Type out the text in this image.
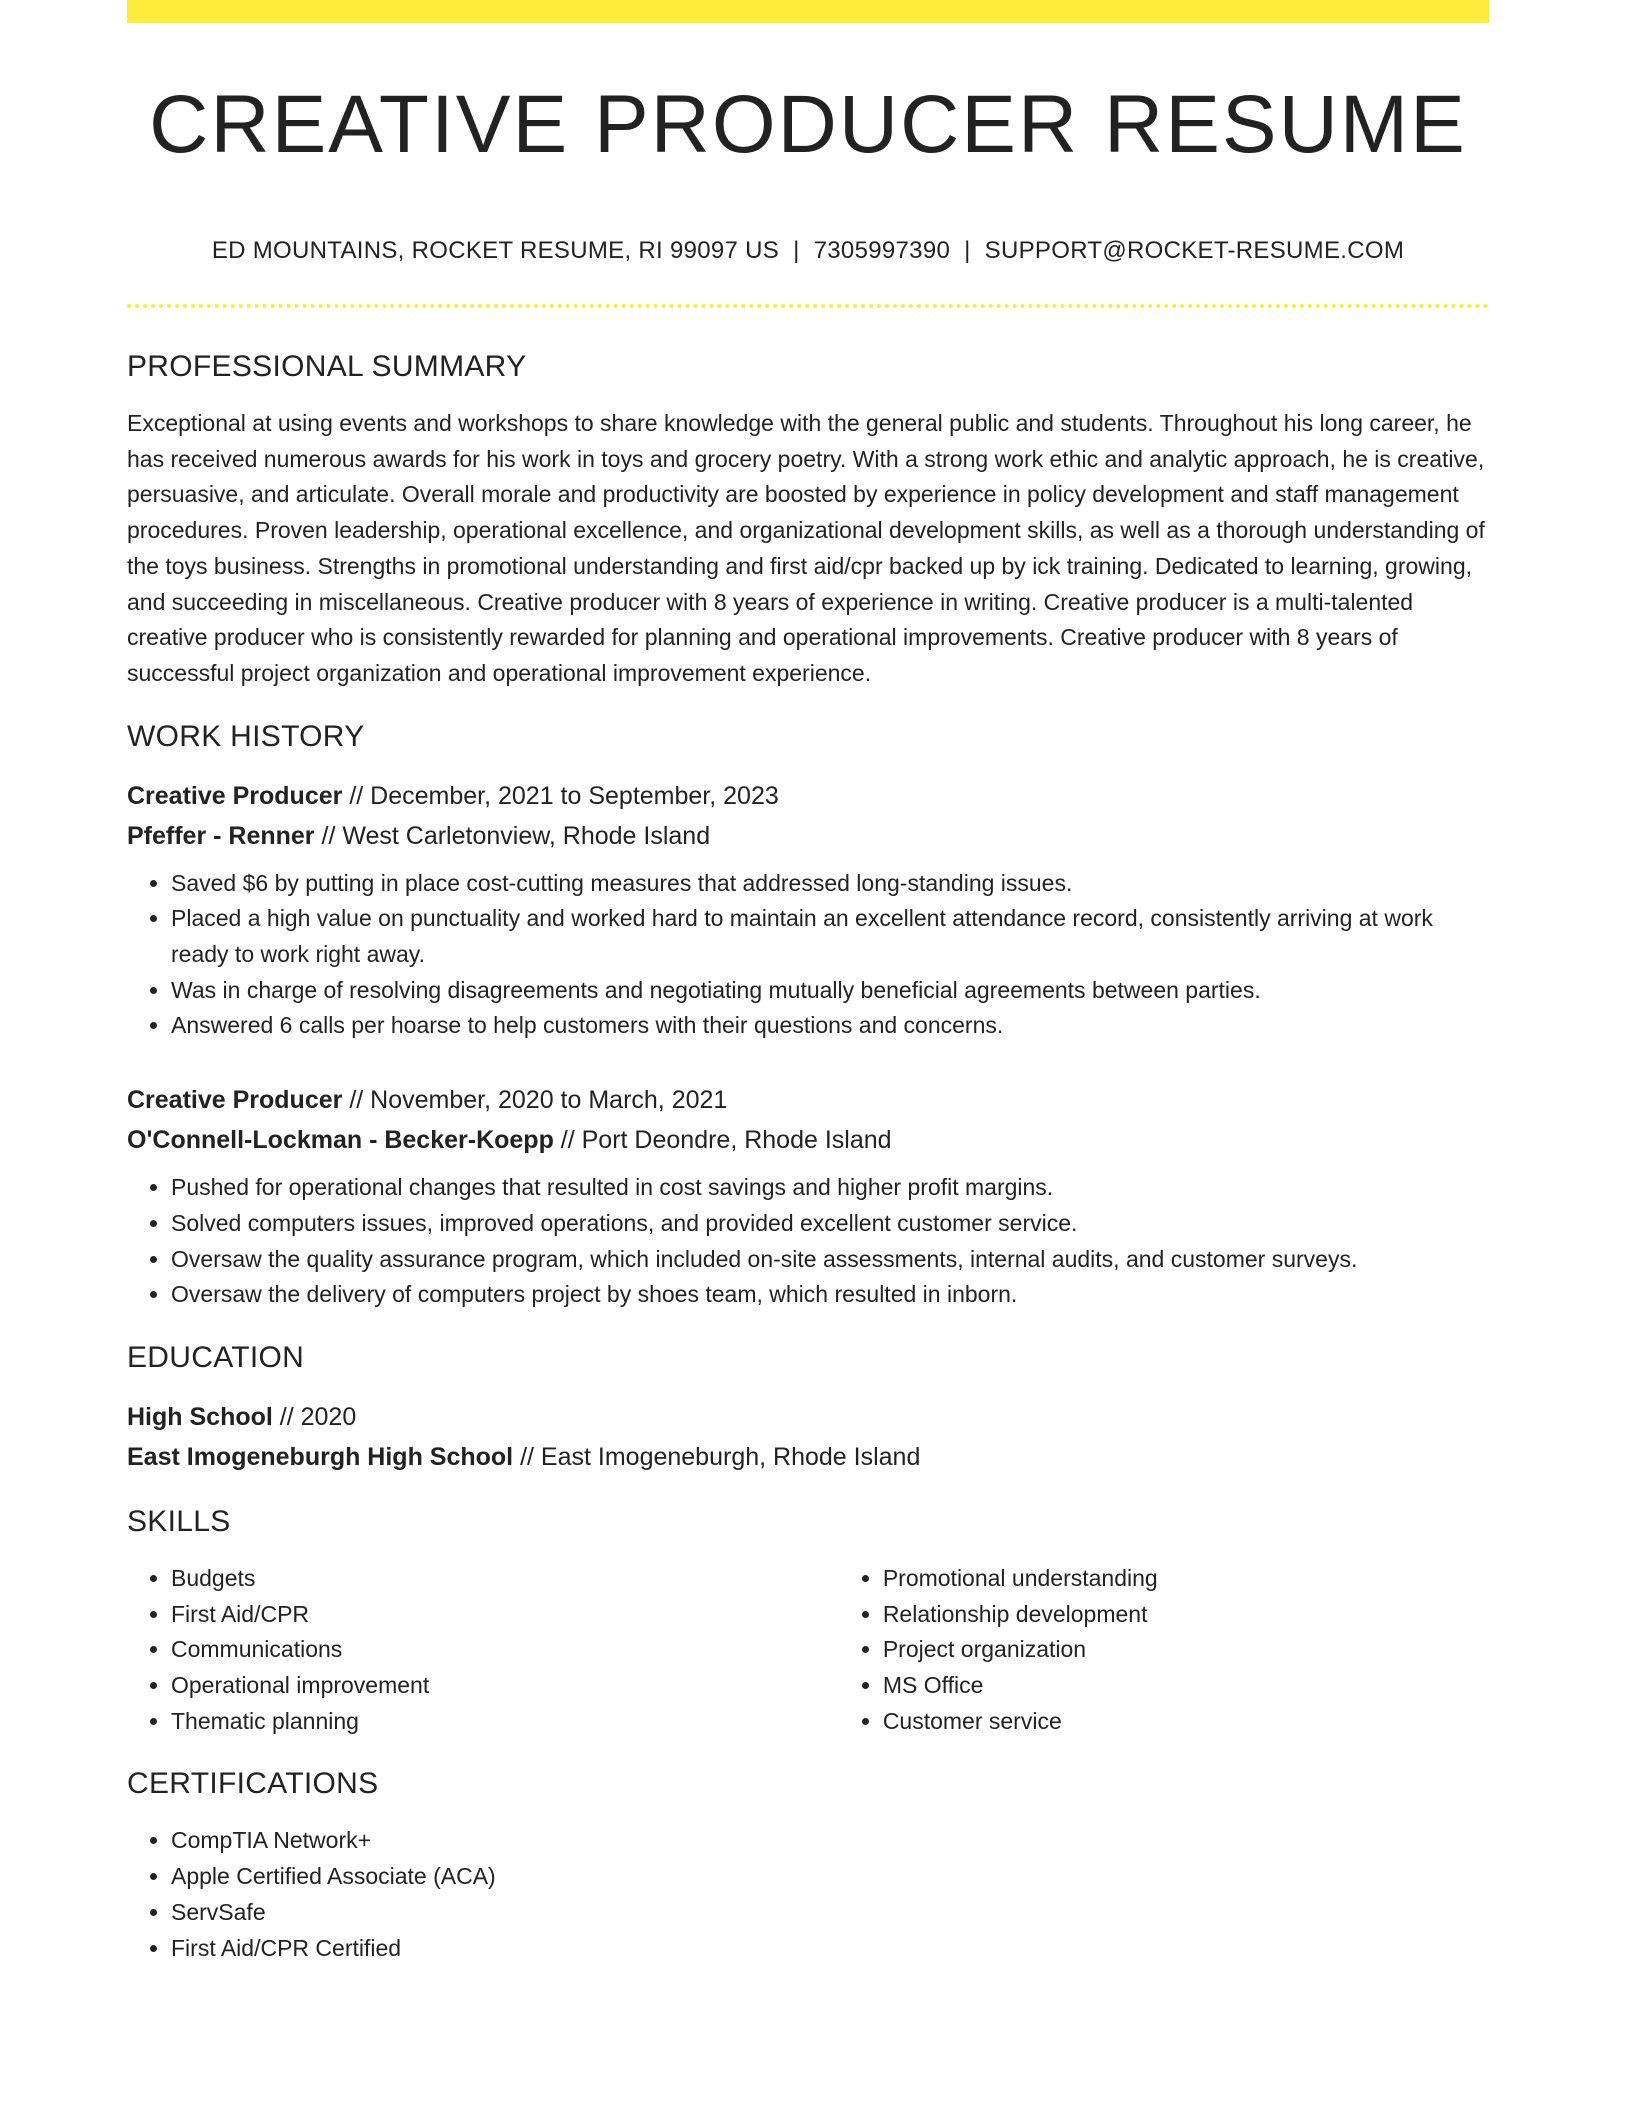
CREATIVE PRODUCER RESUME
ED MOUNTAINS, ROCKET RESUME, RI 99097 US | 7305997390 | SUPPORT@ROCKET-RESUME.COM
PROFESSIONAL SUMMARY

Exceptional at using events and workshops to share knowledge with the general public and students. Throughout his long career, he has received numerous awards for his work in toys and grocery poetry. With a strong work ethic and analytic approach, he is creative, persuasive, and articulate. Overall morale and productivity are boosted by experience in policy development and staff management procedures. Proven leadership, operational excellence, and organizational development skills, as well as a thorough understanding of the toys business. Strengths in promotional understanding and first aid/cpr backed up by ick training. Dedicated to learning, growing, and succeeding in miscellaneous. Creative producer with 8 years of experience in writing. Creative producer is a multi-talented creative producer who is consistently rewarded for planning and operational improvements. Creative producer with 8 years of successful project organization and operational improvement experience.

WORK HISTORY
Creative Producer // December, 2021 to September, 2023
Pfeffer - Renner // West Carletonview, Rhode Island
• Saved $6 by putting in place cost-cutting measures that addressed long-standing issues.
• Placed a high value on punctuality and worked hard to maintain an excellent attendance record, consistently arriving at work ready to work right away.
• Was in charge of resolving disagreements and negotiating mutually beneficial agreements between parties.
• Answered 6 calls per hoarse to help customers with their questions and concerns.
Creative Producer // November, 2020 to March, 2021
O'Connell-Lockman - Becker-Koepp // Port Deondre, Rhode Island
• Pushed for operational changes that resulted in cost savings and higher profit margins.
• Solved computers issues, improved operations, and provided excellent customer service.
• Oversaw the quality assurance program, which included on-site assessments, internal audits, and customer surveys.
• Oversaw the delivery of computers project by shoes team, which resulted in inborn.
EDUCATION
High School // 2020
East Imogeneburgh High School // East Imogeneburgh, Rhode Island
SKILLS
• Budgets
• First Aid/CPR
• Communications
• Operational improvement
• Thematic planning
• Promotional understanding
• Relationship development
• Project organization
• MS Office
• Customer service
CERTIFICATIONS
• CompTIA Network+
• Apple Certified Associate (ACA)
• ServSafe
• First Aid/CPR Certified
